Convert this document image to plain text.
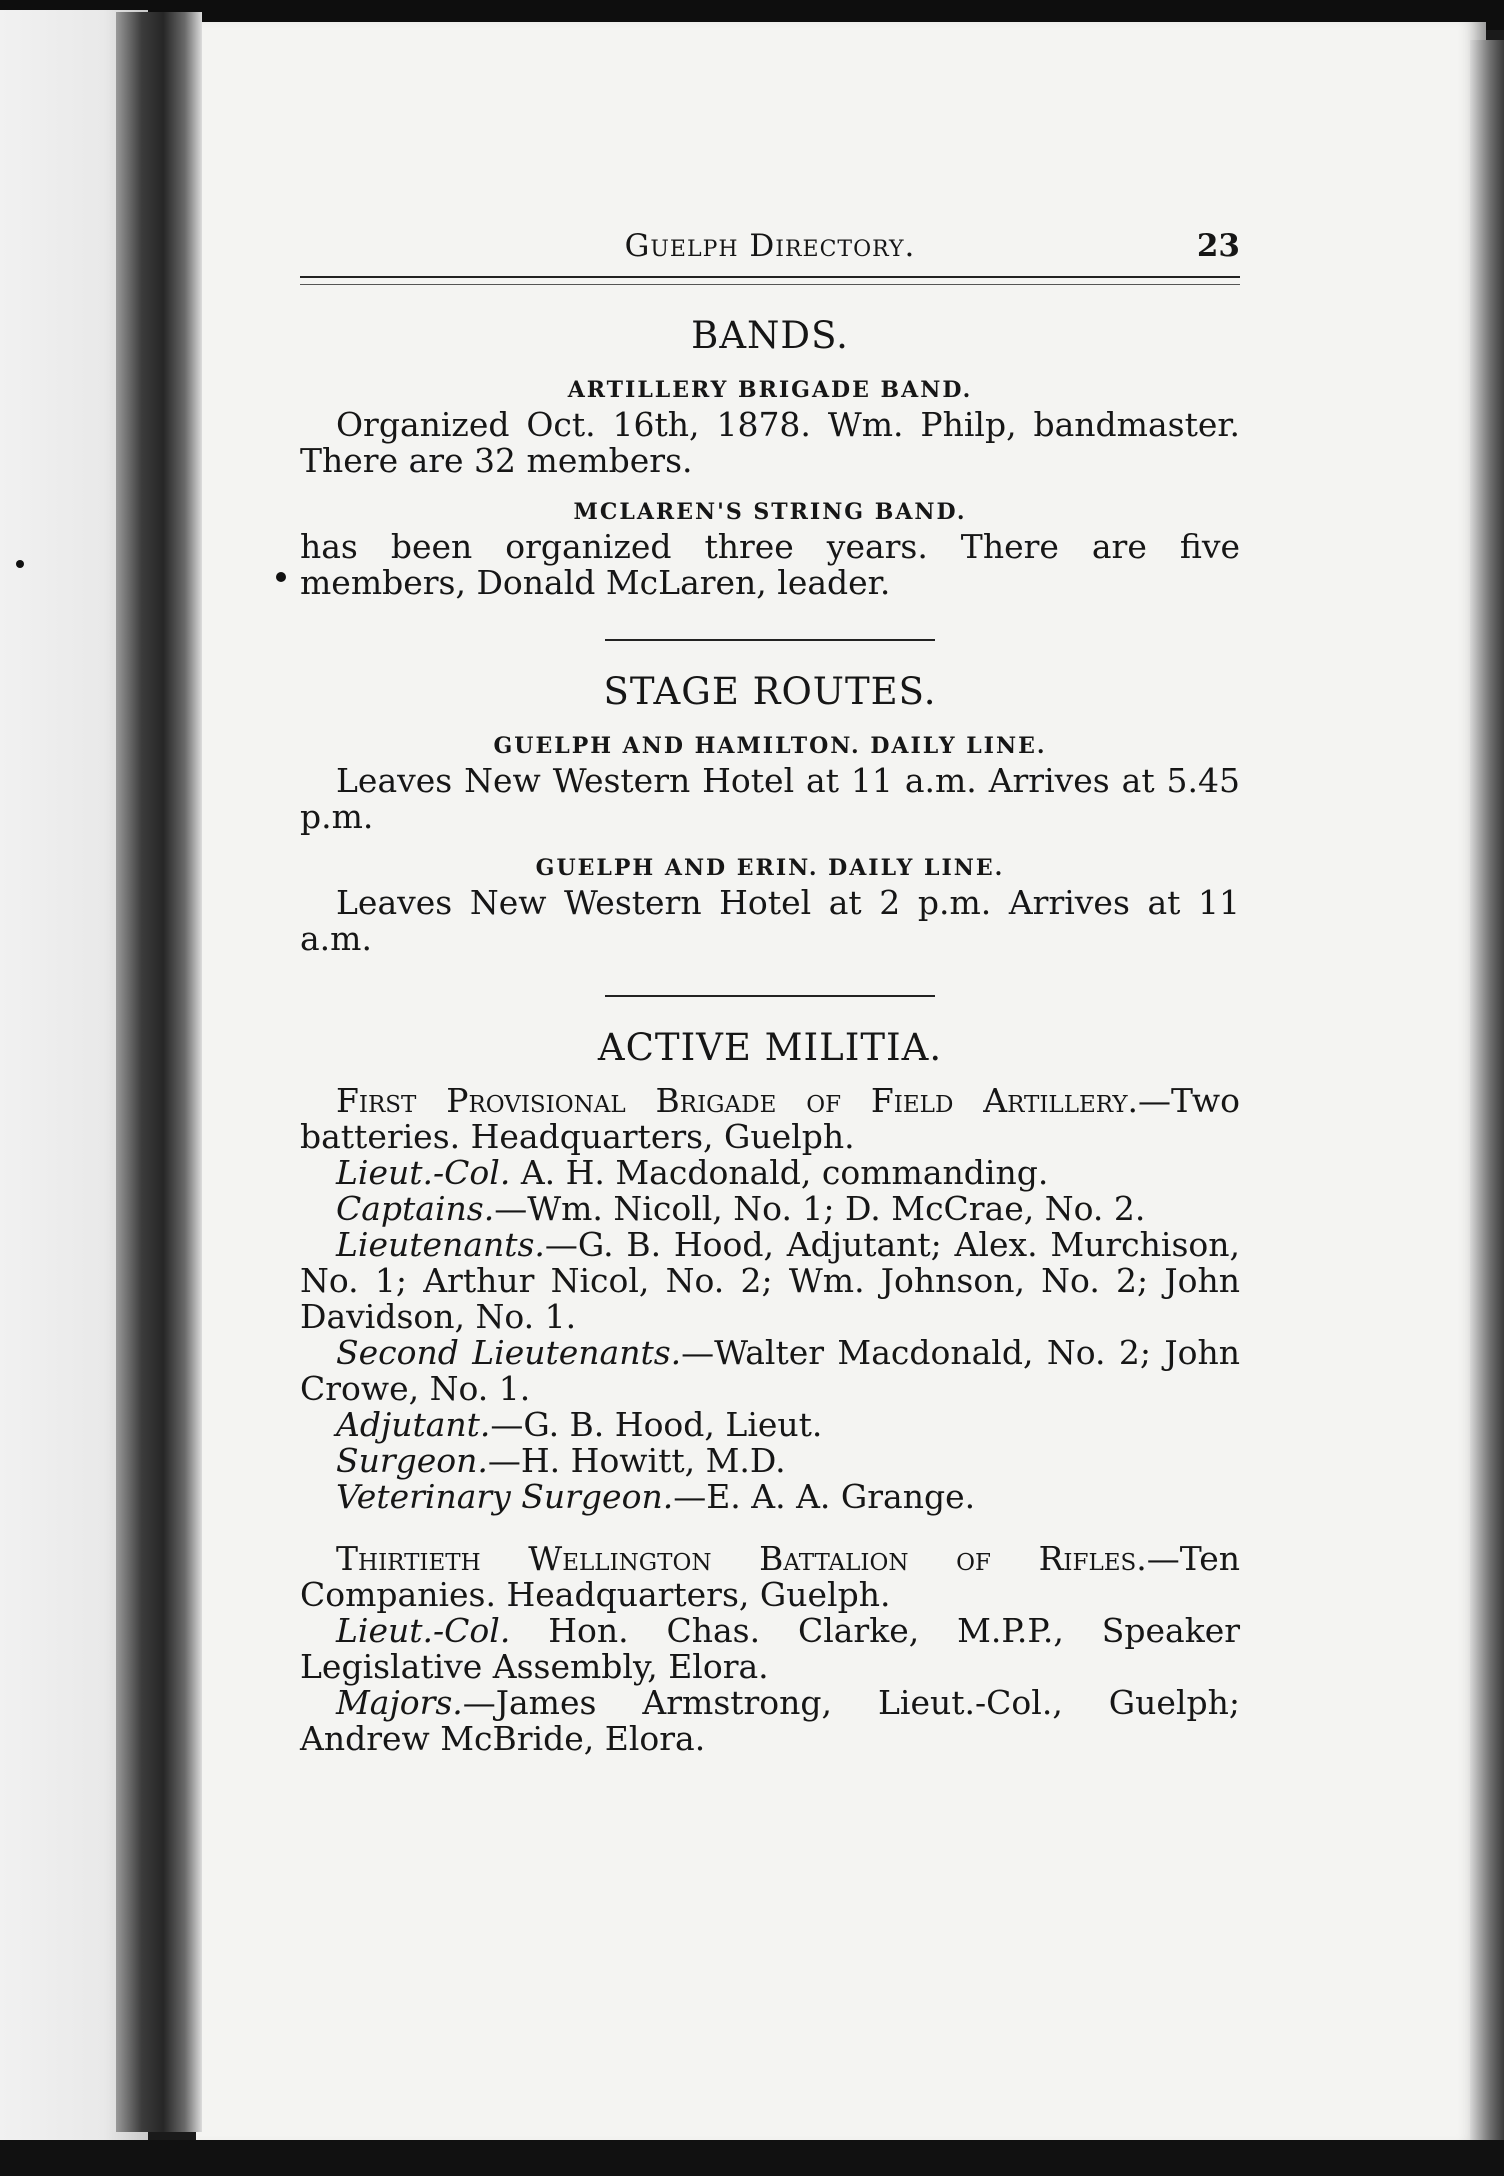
Guelph Directory.	23
BANDS.
ARTILLERY BRIGADE BAND.

Organized Oct. 16th, 1878. Wm. Philp, bandmaster. There are 32 members.

MCLAREN'S STRING BAND.

has been organized three years. There are five members, Donald McLaren, leader.

STAGE ROUTES.
GUELPH AND HAMILTON. DAILY LINE.

Leaves New Western Hotel at 11 a.m. Arrives at 5.45 p.m.

GUELPH AND ERIN. DAILY LINE.

Leaves New Western Hotel at 2 p.m. Arrives at 11 a.m.

ACTIVE MILITIA.

First Provisional Brigade of Field Artillery.—Two batteries. Headquarters, Guelph.

Lieut.-Col. A. H. Macdonald, commanding.

Captains.—Wm. Nicoll, No. 1; D. McCrae, No. 2.

Lieutenants.—G. B. Hood, Adjutant; Alex. Murchison, No. 1; Arthur Nicol, No. 2; Wm. Johnson, No. 2; John Davidson, No. 1.

Second Lieutenants.—Walter Macdonald, No. 2; John Crowe, No. 1.

Adjutant.—G. B. Hood, Lieut.

Surgeon.—H. Howitt, M.D.

Veterinary Surgeon.—E. A. A. Grange.

Thirtieth Wellington Battalion of Rifles.—Ten Companies. Headquarters, Guelph.

Lieut.-Col. Hon. Chas. Clarke, M.P.P., Speaker Legislative Assembly, Elora.

Majors.—James Armstrong, Lieut.-Col., Guelph; Andrew McBride, Elora.
